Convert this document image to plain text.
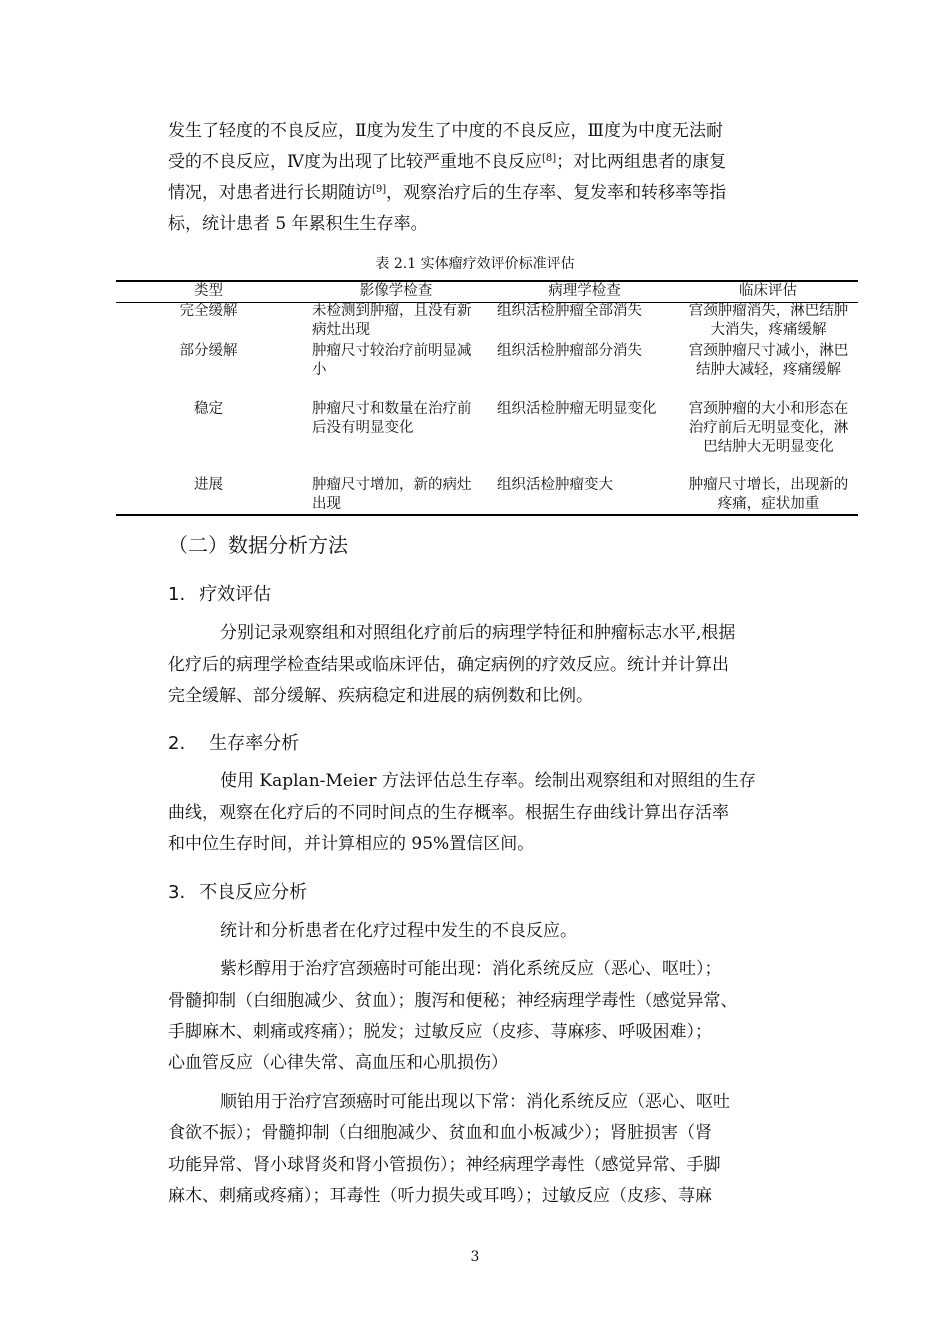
发生了轻度的不良反应，Ⅱ度为发生了中度的不良反应，Ⅲ度为中度无法耐

受的不良反应，Ⅳ度为出现了比较严重地不良反应[8]；对比两组患者的康复

情况，对患者进行长期随访[9]，观察治疗后的生存率、复发率和转移率等指

标，统计患者 5 年累积生生存率。

表 2.1 实体瘤疗效评价标准评估
类型	影像学检查	病理学检查	临床评估
完全缓解	未检测到肿瘤，且没有新病灶出现	组织活检肿瘤全部消失	宫颈肿瘤消失，淋巴结肿大消失，疼痛缓解
部分缓解	肿瘤尺寸较治疗前明显减小	组织活检肿瘤部分消失	宫颈肿瘤尺寸减小，淋巴结肿大减轻，疼痛缓解
稳定	肿瘤尺寸和数量在治疗前后没有明显变化	组织活检肿瘤无明显变化	宫颈肿瘤的大小和形态在治疗前后无明显变化，淋巴结肿大无明显变化
进展	肿瘤尺寸增加，新的病灶出现	组织活检肿瘤变大	肿瘤尺寸增长，出现新的疼痛，症状加重
（二）数据分析方法
1. 疗效评估

分别记录观察组和对照组化疗前后的病理学特征和肿瘤标志水平,根据

化疗后的病理学检查结果或临床评估，确定病例的疗效反应。统计并计算出

完全缓解、部分缓解、疾病稳定和进展的病例数和比例。

2. 生存率分析

使用 Kaplan-Meier 方法评估总生存率。绘制出观察组和对照组的生存

曲线，观察在化疗后的不同时间点的生存概率。根据生存曲线计算出存活率

和中位生存时间，并计算相应的 95%置信区间。

3. 不良反应分析

统计和分析患者在化疗过程中发生的不良反应。

紫杉醇用于治疗宫颈癌时可能出现：消化系统反应（恶心、呕吐）；

骨髓抑制（白细胞减少、贫血）；腹泻和便秘；神经病理学毒性（感觉异常、

手脚麻木、刺痛或疼痛）；脱发；过敏反应（皮疹、荨麻疹、呼吸困难）；

心血管反应（心律失常、高血压和心肌损伤）

顺铂用于治疗宫颈癌时可能出现以下常：消化系统反应（恶心、呕吐

食欲不振）；骨髓抑制（白细胞减少、贫血和血小板减少）；肾脏损害（肾

功能异常、肾小球肾炎和肾小管损伤）；神经病理学毒性（感觉异常、手脚

麻木、刺痛或疼痛）；耳毒性（听力损失或耳鸣）；过敏反应（皮疹、荨麻

3
